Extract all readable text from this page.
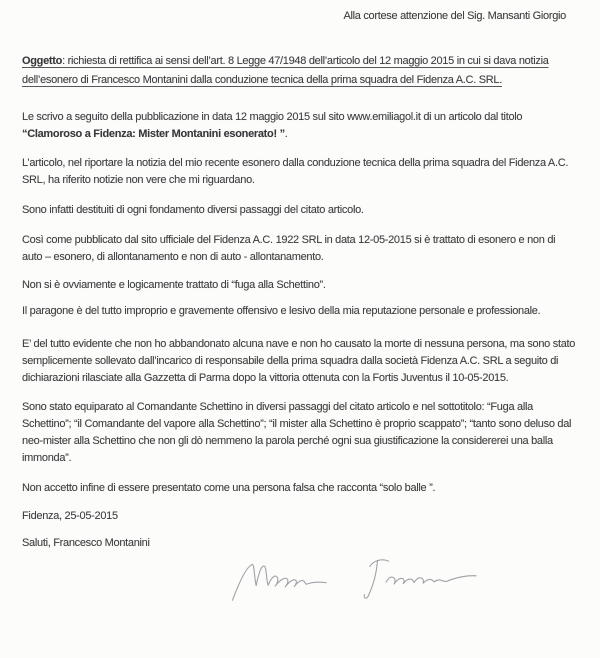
Alla cortese attenzione del Sig. Mansanti Giorgio

Oggetto: richiesta di rettifica ai sensi dell’art. 8 Legge 47/1948 dell’articolo del 12 maggio 2015 in cui si dava notizia dell’esonero di Francesco Montanini dalla conduzione tecnica della prima squadra del Fidenza A.C. SRL.

Le scrivo a seguito della pubblicazione in data 12 maggio 2015 sul sito www.emiliagol.it di un articolo dal titolo “Clamoroso a Fidenza: Mister Montanini esonerato! ”.

L’articolo, nel riportare la notizia del mio recente esonero dalla conduzione tecnica della prima squadra del Fidenza A.C. SRL, ha riferito notizie non vere che mi riguardano.

Sono infatti destituiti di ogni fondamento diversi passaggi del citato articolo.

Così come pubblicato dal sito ufficiale del Fidenza A.C. 1922 SRL in data 12-05-2015 si è trattato di esonero e non di auto – esonero, di allontanamento e non di auto - allontanamento.

Non si è ovviamente e logicamente trattato di “fuga alla Schettino”.

Il paragone è del tutto improprio e gravemente offensivo e lesivo della mia reputazione personale e professionale.

E’ del tutto evidente che non ho abbandonato alcuna nave e non ho causato la morte di nessuna persona, ma sono stato semplicemente sollevato dall’incarico di responsabile della prima squadra dalla società Fidenza A.C. SRL a seguito di dichiarazioni rilasciate alla Gazzetta di Parma dopo la vittoria ottenuta con la Fortis Juventus il 10-05-2015.

Sono stato equiparato al Comandante Schettino in diversi passaggi del citato articolo e nel sottotitolo: “Fuga alla Schettino”; “il Comandante del vapore alla Schettino”; “il mister alla Schettino è proprio scappato”; “tanto sono deluso dal neo-mister alla Schettino che non gli dò nemmeno la parola perché ogni sua giustificazione la considererei una balla immonda”.

Non accetto infine di essere presentato come una persona falsa che racconta “solo balle ”.

Fidenza, 25-05-2015

Saluti, Francesco Montanini
